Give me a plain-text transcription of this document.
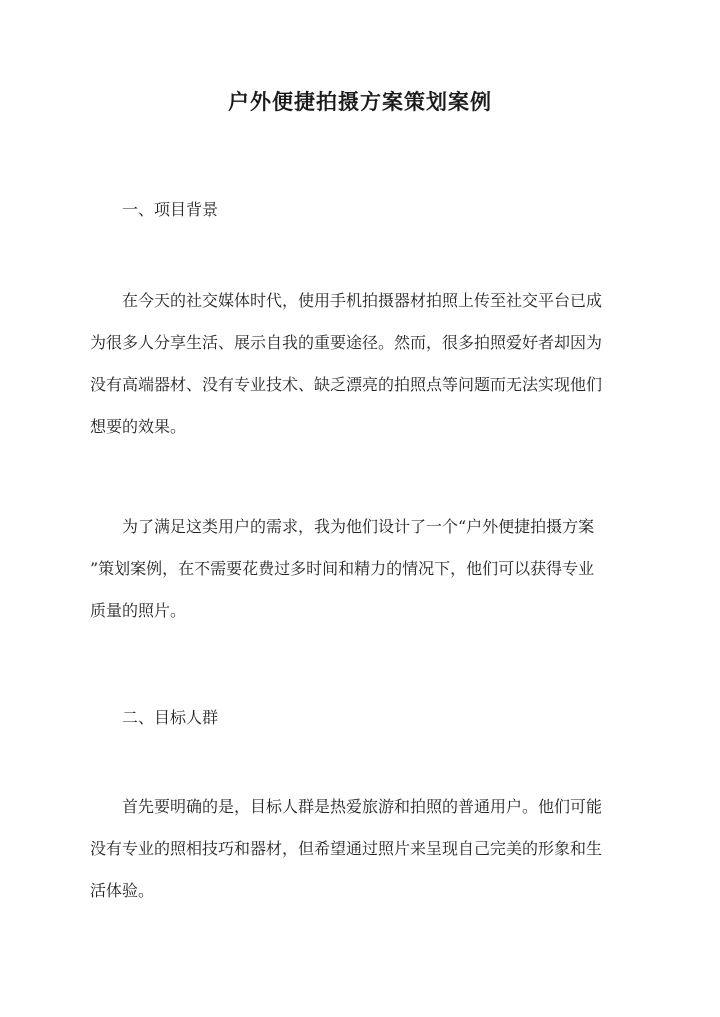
户外便捷拍摄方案策划案例
一、项目背景
在今天的社交媒体时代，使用手机拍摄器材拍照上传至社交平台已成
为很多人分享生活、展示自我的重要途径。然而，很多拍照爱好者却因为
没有高端器材、没有专业技术、缺乏漂亮的拍照点等问题而无法实现他们
想要的效果。
为了满足这类用户的需求，我为他们设计了一个“户外便捷拍摄方案
”策划案例，在不需要花费过多时间和精力的情况下，他们可以获得专业
质量的照片。
二、目标人群
首先要明确的是，目标人群是热爱旅游和拍照的普通用户。他们可能
没有专业的照相技巧和器材，但希望通过照片来呈现自己完美的形象和生
活体验。
